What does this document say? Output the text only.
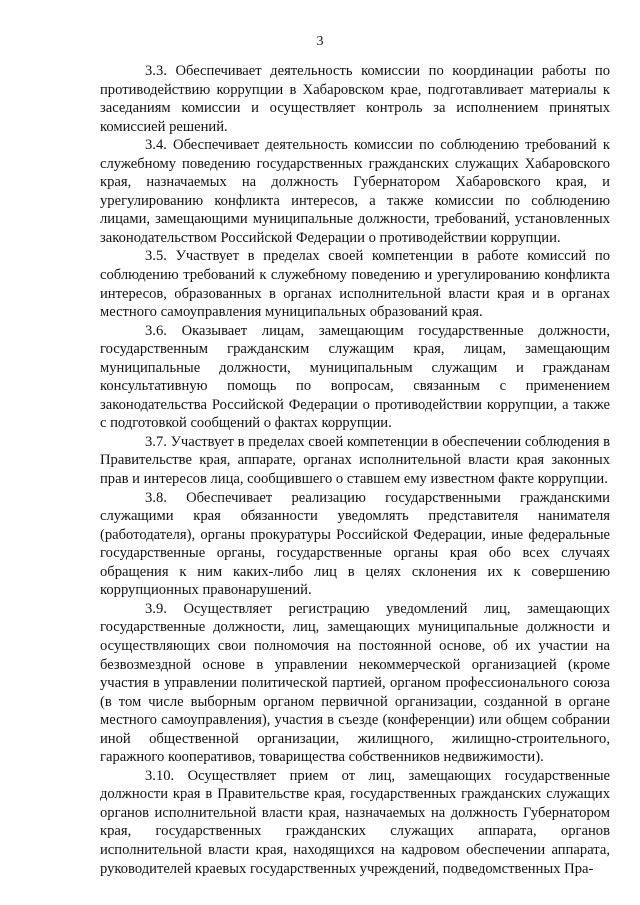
3

3.3. Обеспечивает деятельность комиссии по координации работы по противодействию коррупции в Хабаровском крае, подготавливает материалы к заседаниям комиссии и осуществляет контроль за исполнением принятых комиссией решений.

3.4. Обеспечивает деятельность комиссии по соблюдению требований к служебному поведению государственных гражданских служащих Хабаровского края, назначаемых на должность Губернатором Хабаровского края, и урегулированию конфликта интересов, а также комиссии по соблюдению лицами, замещающими муниципальные должности, требований, установленных законодательством Российской Федерации о противодействии коррупции.

3.5. Участвует в пределах своей компетенции в работе комиссий по соблюдению требований к служебному поведению и урегулированию конфликта интересов, образованных в органах исполнительной власти края и в органах местного самоуправления муниципальных образований края.

3.6. Оказывает лицам, замещающим государственные должности, государственным гражданским служащим края, лицам, замещающим муниципальные должности, муниципальным служащим и гражданам консультативную помощь по вопросам, связанным с применением законодательства Российской Федерации о противодействии коррупции, а также с подготовкой сообщений о фактах коррупции.

3.7. Участвует в пределах своей компетенции в обеспечении соблюдения в Правительстве края, аппарате, органах исполнительной власти края законных прав и интересов лица, сообщившего о ставшем ему известном факте коррупции.

3.8. Обеспечивает реализацию государственными гражданскими служащими края обязанности уведомлять представителя нанимателя (работодателя), органы прокуратуры Российской Федерации, иные федеральные государственные органы, государственные органы края обо всех случаях обращения к ним каких-либо лиц в целях склонения их к совершению коррупционных правонарушений.

3.9. Осуществляет регистрацию уведомлений лиц, замещающих государственные должности, лиц, замещающих муниципальные должности и осуществляющих свои полномочия на постоянной основе, об их участии на безвозмездной основе в управлении некоммерческой организацией (кроме участия в управлении политической партией, органом профессионального союза (в том числе выборным органом первичной организации, созданной в органе местного самоуправления), участия в съезде (конференции) или общем собрании иной общественной организации, жилищного, жилищно-строительного, гаражного кооперативов, товарищества собственников недвижимости).

3.10. Осуществляет прием от лиц, замещающих государственные должности края в Правительстве края, государственных гражданских служащих органов исполнительной власти края, назначаемых на должность Губернатором края, государственных гражданских служащих аппарата, органов исполнительной власти края, находящихся на кадровом обеспечении аппарата, руководителей краевых государственных учреждений, подведомственных Пра-
